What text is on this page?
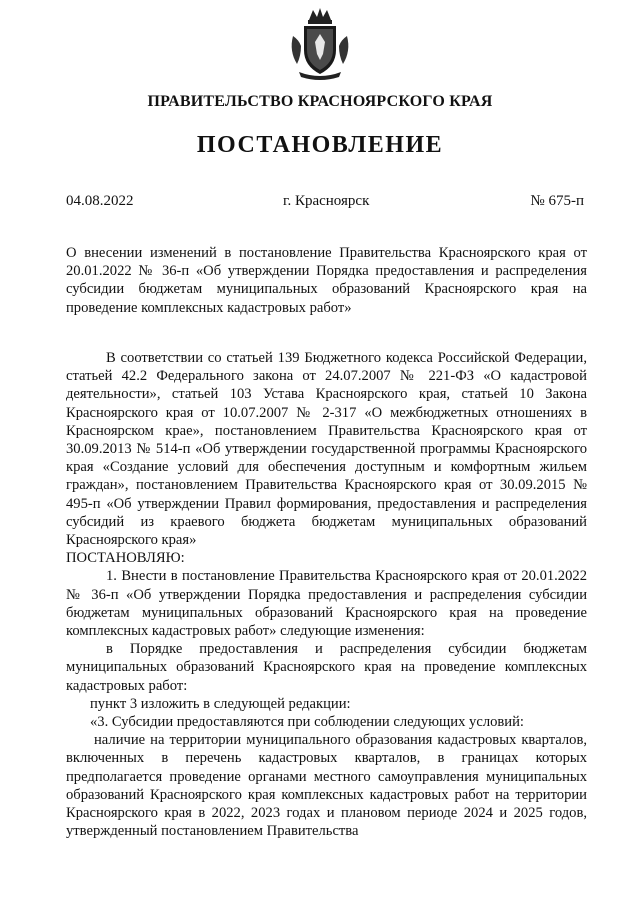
ПРАВИТЕЛЬСТВО КРАСНОЯРСКОГО КРАЯ
ПОСТАНОВЛЕНИЕ
04.08.2022	г. Красноярск	№ 675-п
О внесении изменений в постановление Правительства Красноярского края от 20.01.2022 № 36-п «Об утверждении Порядка предоставления и распределения субсидии бюджетам муниципальных образований Красноярского края на проведение комплексных кадастровых работ»

В соответствии со статьей 139 Бюджетного кодекса Российской Федерации, статьей 42.2 Федерального закона от 24.07.2007 № 221-ФЗ «О кадастровой деятельности», статьей 103 Устава Красноярского края, статьей 10 Закона Красноярского края от 10.07.2007 № 2-317 «О межбюджетных отношениях в Красноярском крае», постановлением Правительства Красноярского края от 30.09.2013 № 514-п «Об утверждении государственной программы Красноярского края «Создание условий для обеспечения доступным и комфортным жильем граждан», постановлением Правительства Красноярского края от 30.09.2015 № 495-п «Об утверждении Правил формирования, предоставления и распределения субсидий из краевого бюджета бюджетам муниципальных образований Красноярского края»

ПОСТАНОВЛЯЮ:

1. Внести в постановление Правительства Красноярского края от 20.01.2022 № 36-п «Об утверждении Порядка предоставления и распределения субсидии бюджетам муниципальных образований Красноярского края на проведение комплексных кадастровых работ» следующие изменения:

в Порядке предоставления и распределения субсидии бюджетам муниципальных образований Красноярского края на проведение комплексных кадастровых работ:

пункт 3 изложить в следующей редакции:

«3. Субсидии предоставляются при соблюдении следующих условий:

наличие на территории муниципального образования кадастровых кварталов, включенных в перечень кадастровых кварталов, в границах которых предполагается проведение органами местного самоуправления муниципальных образований Красноярского края комплексных кадастровых работ на территории Красноярского края в 2022, 2023 годах и плановом периоде 2024 и 2025 годов, утвержденный постановлением Правительства
